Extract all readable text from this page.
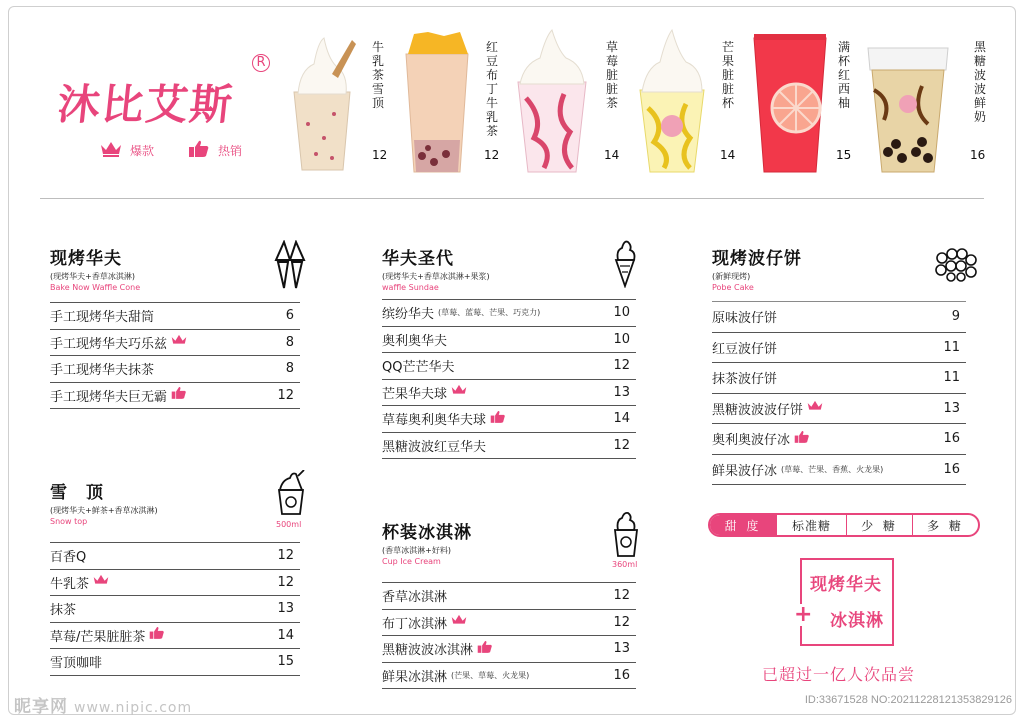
沐比艾斯
R
爆款	热销
牛乳茶雪顶
12
红豆布丁牛乳茶
12
草莓脏脏茶
14
芒果脏脏杯
14
满杯红西柚
15
黑糖波波鲜奶
16
现烤华夫
(现烤华夫+香草冰淇淋)
Bake Now Waffle Cone
手工现烤华夫甜筒	6
手工现烤华夫巧乐兹	8
手工现烤华夫抹茶	8
手工现烤华夫巨无霸	12
雪　顶
(现烤华夫+鲜茶+香草冰淇淋)
Snow top
百香Q	12
牛乳茶	12
抹茶	13
草莓/芒果脏脏茶	14
雪顶咖啡	15
500ml
华夫圣代
(现烤华夫+香草冰淇淋+果浆)
waffle Sundae
缤纷华夫 (草莓、蓝莓、芒果、巧克力)	10
奥利奥华夫	10
QQ芒芒华夫	12
芒果华夫球	13
草莓奥利奥华夫球	14
黑糖波波红豆华夫	12
杯装冰淇淋
(香草冰淇淋+好料)
Cup Ice Cream
香草冰淇淋	12
布丁冰淇淋	12
黑糖波波冰淇淋	13
鲜果冰淇淋 (芒果、草莓、火龙果)	16
360ml
现烤波仔饼
(新鲜现烤)
Pobe Cake
原味波仔饼	9
红豆波仔饼	11
抹茶波仔饼	11
黑糖波波波仔饼	13
奥利奥波仔冰	16
鲜果波仔冰 (草莓、芒果、香蕉、火龙果)	16
甜 度	标准糖	少 糖	多 糖
现烤华夫
+ 冰淇淋
已超过一亿人次品尝
昵享网 www.nipic.com	ID:33671528 NO:20211228121353829126
